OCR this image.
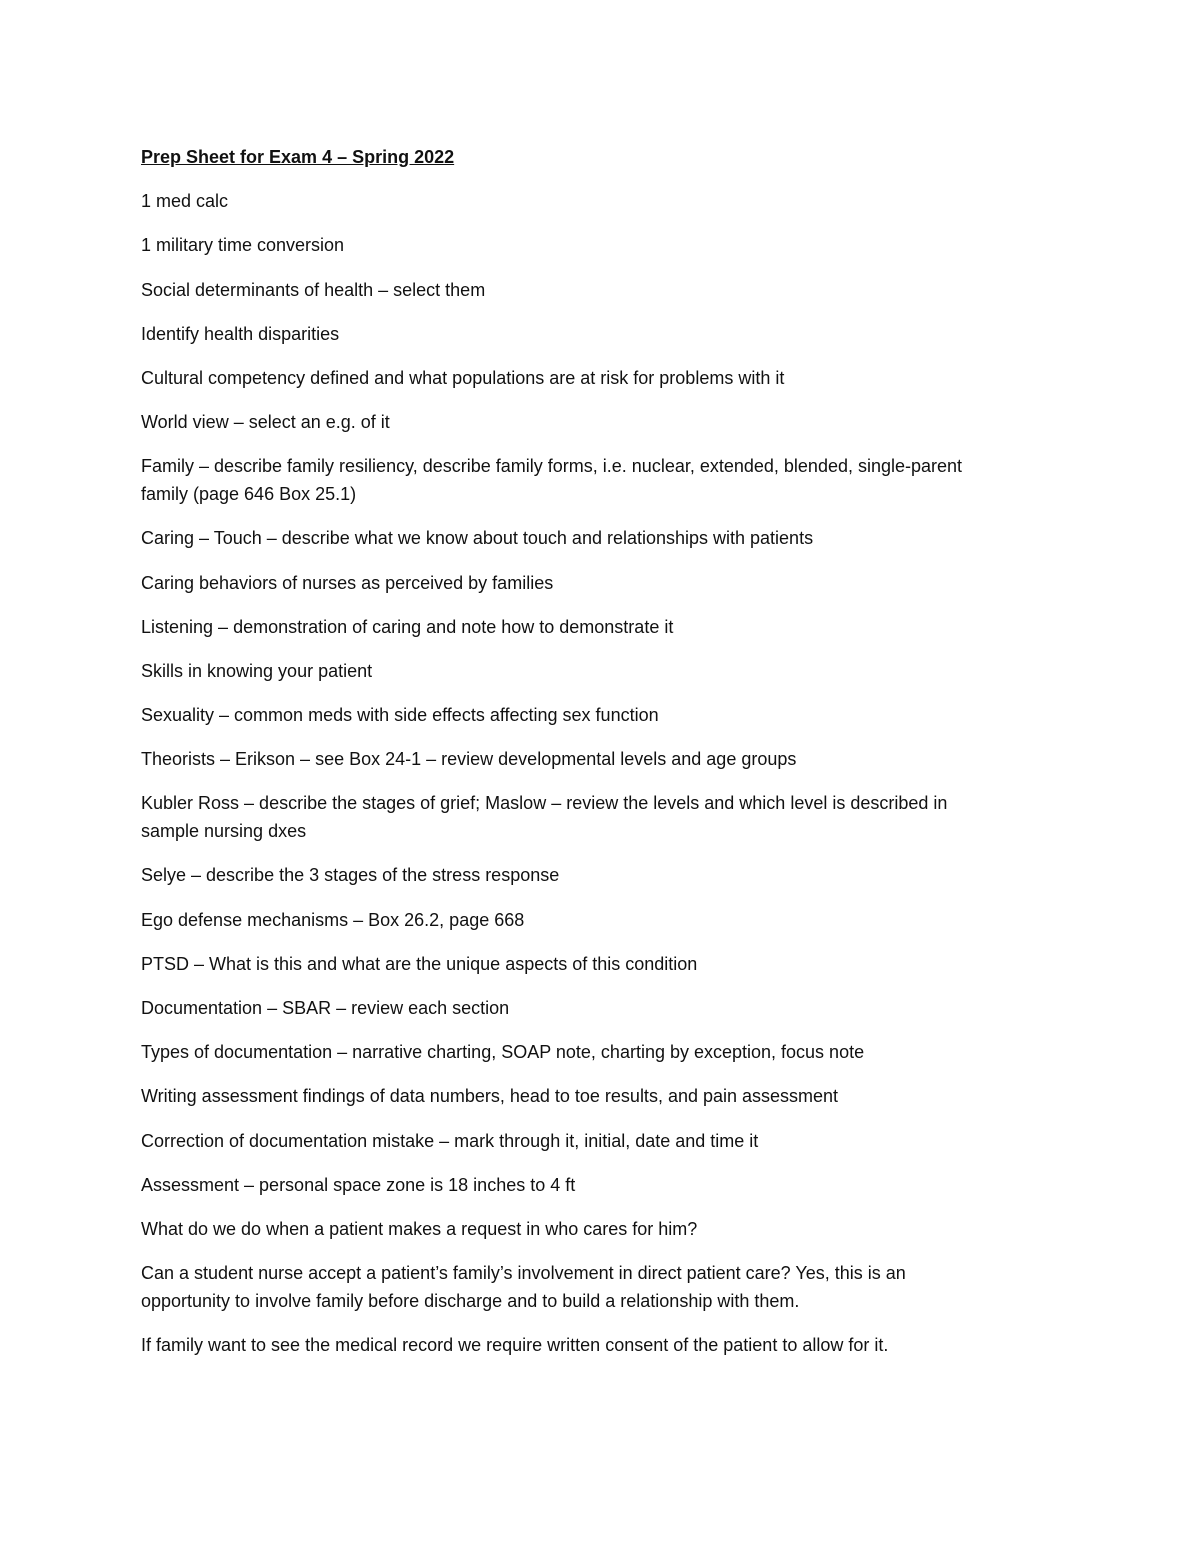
Prep Sheet for Exam 4 – Spring 2022

1 med calc

1 military time conversion

Social determinants of health – select them

Identify health disparities

Cultural competency defined and what populations are at risk for problems with it

World view – select an e.g. of it

Family – describe family resiliency, describe family forms, i.e. nuclear, extended, blended, single-parent
family (page 646 Box 25.1)

Caring – Touch – describe what we know about touch and relationships with patients

Caring behaviors of nurses as perceived by families

Listening – demonstration of caring and note how to demonstrate it

Skills in knowing your patient

Sexuality – common meds with side effects affecting sex function

Theorists – Erikson – see Box 24-1 – review developmental levels and age groups

Kubler Ross – describe the stages of grief; Maslow – review the levels and which level is described in
sample nursing dxes

Selye – describe the 3 stages of the stress response

Ego defense mechanisms – Box 26.2, page 668

PTSD – What is this and what are the unique aspects of this condition

Documentation – SBAR – review each section

Types of documentation – narrative charting, SOAP note, charting by exception, focus note

Writing assessment findings of data numbers, head to toe results, and pain assessment

Correction of documentation mistake – mark through it, initial, date and time it

Assessment – personal space zone is 18 inches to 4 ft

What do we do when a patient makes a request in who cares for him?

Can a student nurse accept a patient’s family’s involvement in direct patient care? Yes, this is an
opportunity to involve family before discharge and to build a relationship with them.

If family want to see the medical record we require written consent of the patient to allow for it.
